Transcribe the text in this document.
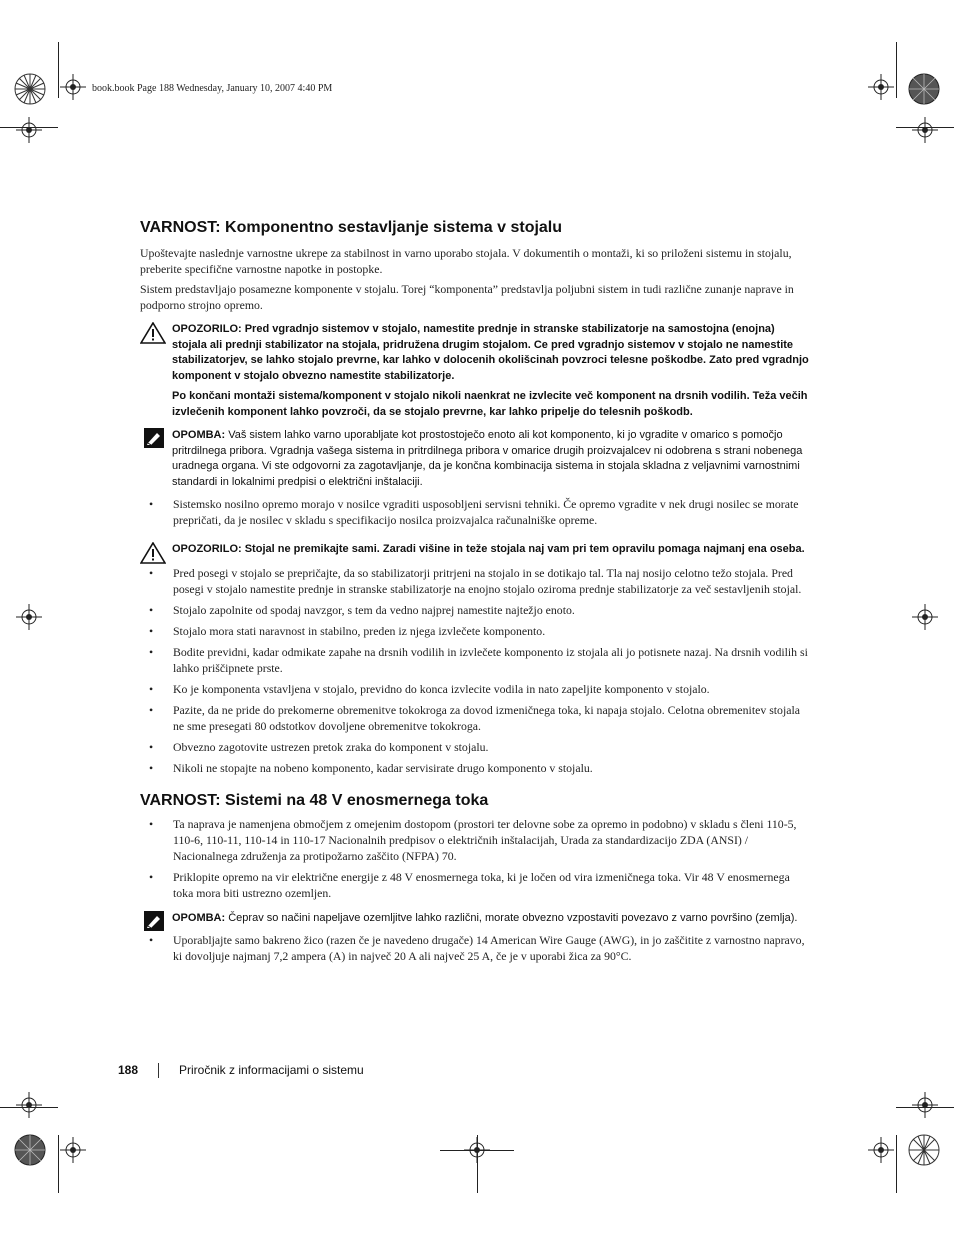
book.book Page 188 Wednesday, January 10, 2007 4:40 PM
VARNOST: Komponentno sestavljanje sistema v stojalu

Upoštevajte naslednje varnostne ukrepe za stabilnost in varno uporabo stojala. V dokumentih o montaži, ki so priloženi sistemu in stojalu, preberite specifične varnostne napotke in postopke.

Sistem predstavljajo posamezne komponente v stojalu. Torej “komponenta” predstavlja poljubni sistem in tudi različne zunanje naprave in podporno strojno opremo.

OPOZORILO: Pred vgradnjo sistemov v stojalo, namestite prednje in stranske stabilizatorje na samostojna (enojna) stojala ali prednji stabilizator na stojala, pridružena drugim stojalom. Ce pred vgradnjo sistemov v stojalo ne namestite stabilizatorjev, se lahko stojalo prevrne, kar lahko v dolocenih okolišcinah povzroci telesne poškodbe. Zato pred vgradnjo komponent v stojalo obvezno namestite stabilizatorje.

Po končani montaži sistema/komponent v stojalo nikoli naenkrat ne izvlecite več komponent na drsnih vodilih. Teža večih izvlečenih komponent lahko povzroči, da se stojalo prevrne, kar lahko pripelje do telesnih poškodb.

OPOMBA: Vaš sistem lahko varno uporabljate kot prostostoječo enoto ali kot komponento, ki jo vgradite v omarico s pomočjo pritrdilnega pribora. Vgradnja vašega sistema in pritrdilnega pribora v omarice drugih proizvajalcev ni odobrena s strani nobenega uradnega organa. Vi ste odgovorni za zagotavljanje, da je končna kombinacija sistema in stojala skladna z veljavnimi varnostnimi standardi in lokalnimi predpisi o električni inštalaciji.

• Sistemsko nosilno opremo morajo v nosilce vgraditi usposobljeni servisni tehniki. Če opremo vgradite v nek drugi nosilec se morate prepričati, da je nosilec v skladu s specifikacijo nosilca proizvajalca računalniške opreme.

OPOZORILO: Stojal ne premikajte sami. Zaradi višine in teže stojala naj vam pri tem opravilu pomaga najmanj ena oseba.

• Pred posegi v stojalo se prepričajte, da so stabilizatorji pritrjeni na stojalo in se dotikajo tal. Tla naj nosijo celotno težo stojala. Pred posegi v stojalo namestite prednje in stranske stabilizatorje na enojno stojalo oziroma prednje stabilizatorje za več sestavljenih stojal.
• Stojalo zapolnite od spodaj navzgor, s tem da vedno najprej namestite najtežjo enoto.
• Stojalo mora stati naravnost in stabilno, preden iz njega izvlečete komponento.
• Bodite previdni, kadar odmikate zapahe na drsnih vodilih in izvlečete komponento iz stojala ali jo potisnete nazaj. Na drsnih vodilih si lahko priščipnete prste.
• Ko je komponenta vstavljena v stojalo, previdno do konca izvlecite vodila in nato zapeljite komponento v stojalo.
• Pazite, da ne pride do prekomerne obremenitve tokokroga za dovod izmeničnega toka, ki napaja stojalo. Celotna obremenitev stojala ne sme presegati 80 odstotkov dovoljene obremenitve tokokroga.
• Obvezno zagotovite ustrezen pretok zraka do komponent v stojalu.
• Nikoli ne stopajte na nobeno komponento, kadar servisirate drugo komponento v stojalu.
VARNOST: Sistemi na 48 V enosmernega toka
• Ta naprava je namenjena območjem z omejenim dostopom (prostori ter delovne sobe za opremo in podobno) v skladu s členi 110-5, 110-6, 110-11, 110-14 in 110-17 Nacionalnih predpisov o električnih inštalacijah, Urada za standardizacijo ZDA (ANSI) / Nacionalnega združenja za protipožarno zaščito (NFPA) 70.
• Priklopite opremo na vir električne energije z 48 V enosmernega toka, ki je ločen od vira izmeničnega toka. Vir 48 V enosmernega toka mora biti ustrezno ozemljen.

OPOMBA: Čeprav so načini napeljave ozemljitve lahko različni, morate obvezno vzpostaviti povezavo z varno površino (zemlja).

• Uporabljajte samo bakreno žico (razen če je navedeno drugače) 14 American Wire Gauge (AWG), in jo zaščitite z varnostno napravo, ki dovoljuje najmanj 7,2 ampera (A) in največ 20 A ali največ 25 A, če je v uporabi žica za 90°C.
188	Priročnik z informacijami o sistemu
